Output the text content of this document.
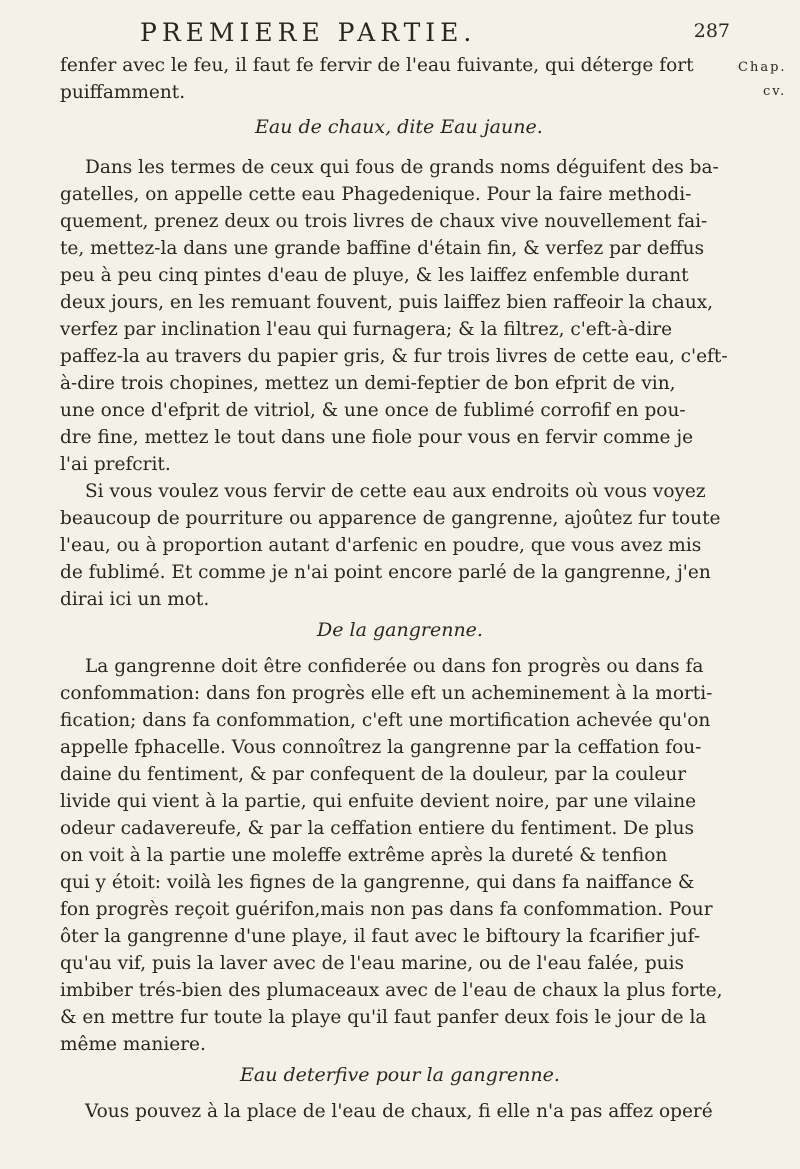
PREMIERE PARTIE.	287
Chap.
cv.
fenfer avec le feu, il faut fe fervir de l'eau fuivante, qui déterge fort
puiffamment.
Eau de chaux, dite Eau jaune.
Dans les termes de ceux qui fous de grands noms déguifent des ba-
gatelles, on appelle cette eau Phagedenique. Pour la faire methodi-
quement, prenez deux ou trois livres de chaux vive nouvellement fai-
te, mettez-la dans une grande baffine d'étain fin, & verfez par deffus
peu à peu cinq pintes d'eau de pluye, & les laiffez enfemble durant
deux jours, en les remuant fouvent, puis laiffez bien raffeoir la chaux,
verfez par inclination l'eau qui furnagera; & la filtrez, c'eft-à-dire
paffez-la au travers du papier gris, & fur trois livres de cette eau, c'eft-
à-dire trois chopines, mettez un demi-feptier de bon efprit de vin,
une once d'efprit de vitriol, & une once de fublimé corrofif en pou-
dre fine, mettez le tout dans une fiole pour vous en fervir comme je
l'ai prefcrit.
Si vous voulez vous fervir de cette eau aux endroits où vous voyez
beaucoup de pourriture ou apparence de gangrenne, ajoûtez fur toute
l'eau, ou à proportion autant d'arfenic en poudre, que vous avez mis
de fublimé. Et comme je n'ai point encore parlé de la gangrenne, j'en
dirai ici un mot.
De la gangrenne.
La gangrenne doit être confiderée ou dans fon progrès ou dans fa
confommation: dans fon progrès elle eft un acheminement à la morti-
fication; dans fa confommation, c'eft une mortification achevée qu'on
appelle fphacelle. Vous connoîtrez la gangrenne par la ceffation fou-
daine du fentiment, & par confequent de la douleur, par la couleur
livide qui vient à la partie, qui enfuite devient noire, par une vilaine
odeur cadavereufe, & par la ceffation entiere du fentiment. De plus
on voit à la partie une moleffe extrême après la dureté & tenfion
qui y étoit: voilà les fignes de la gangrenne, qui dans fa naiffance &
fon progrès reçoit guérifon,mais non pas dans fa confommation. Pour
ôter la gangrenne d'une playe, il faut avec le biftoury la fcarifier juf-
qu'au vif, puis la laver avec de l'eau marine, ou de l'eau falée, puis
imbiber trés-bien des plumaceaux avec de l'eau de chaux la plus forte,
& en mettre fur toute la playe qu'il faut panfer deux fois le jour de la
même maniere.
Eau deterfive pour la gangrenne.
Vous pouvez à la place de l'eau de chaux, fi elle n'a pas affez operé
